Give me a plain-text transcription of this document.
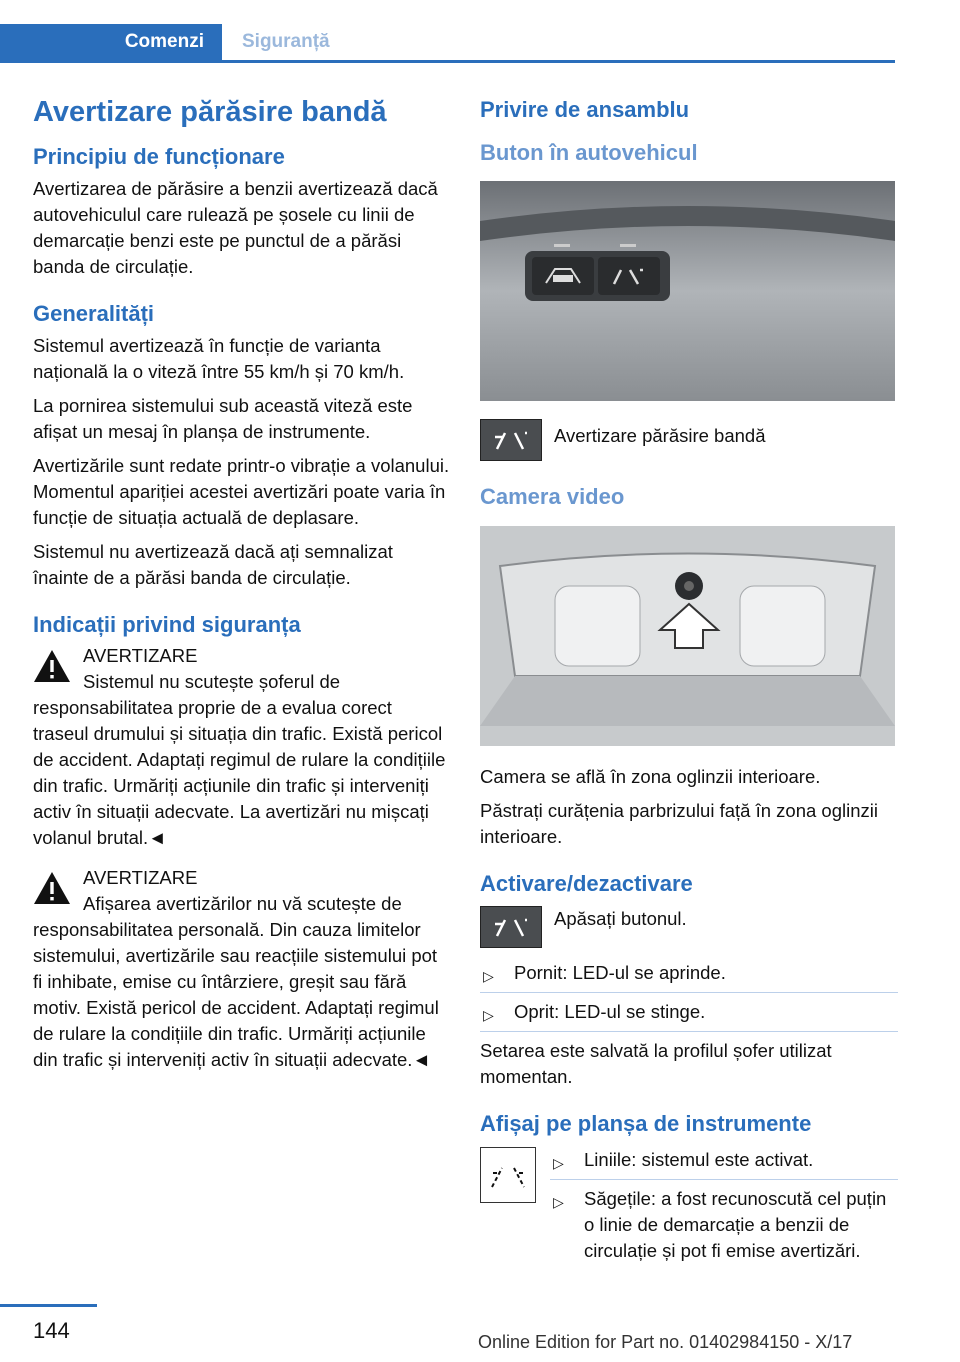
Comenzi	Siguranță
Avertizare părăsire bandă
Principiu de funcționare

Avertizarea de părăsire a benzii avertizează dacă autovehiculul care rulează pe șosele cu linii de demarcație benzi este pe punctul de a părăsi banda de circulație.

Generalități

Sistemul avertizează în funcție de varianta națională la o viteză între 55 km/h și 70 km/h.

La pornirea sistemului sub această viteză este afișat un mesaj în planșa de instrumente.

Avertizările sunt redate printr-o vibrație a volanului. Momentul apariției acestei avertizări poate varia în funcție de situația actuală de deplasare.

Sistemul nu avertizează dacă ați semnalizat înainte de a părăsi banda de circulație.

Indicații privind siguranța
AVERTIZARE
Sistemul nu scutește șoferul de responsabilitatea proprie de a evalua corect traseul drumului și situația din trafic. Există pericol de accident. Adaptați regimul de rulare la condițiile din trafic. Urmăriți acțiunile din trafic și interveniți activ în situații adecvate. La avertizări nu mișcați volanul brutal.◄
AVERTIZARE
Afișarea avertizărilor nu vă scutește de responsabilitatea personală. Din cauza limitelor sistemului, avertizările sau reacțiile sistemului pot fi inhibate, emise cu întârziere, greșit sau fără motiv. Există pericol de accident. Adaptați regimul de rulare la condițiile din trafic. Urmăriți acțiunile din trafic și interveniți activ în situații adecvate.◄
Privire de ansamblu
Buton în autovehicul

Avertizare părăsire bandă

Camera video

Camera se află în zona oglinzii interioare.

Păstrați curățenia parbrizului față în zona oglinzii interioare.

Activare/dezactivare

Apăsați butonul.

▷ Pornit: LED-ul se aprinde.
▷ Oprit: LED-ul se stinge.

Setarea este salvată la profilul șofer utilizat momentan.

Afișaj pe planșa de instrumente
▷ Liniile: sistemul este activat.
▷ Săgețile: a fost recunoscută cel puțin o linie de demarcație a benzii de circulație și pot fi emise avertizări.
144	Online Edition for Part no. 01402984150 - X/17
